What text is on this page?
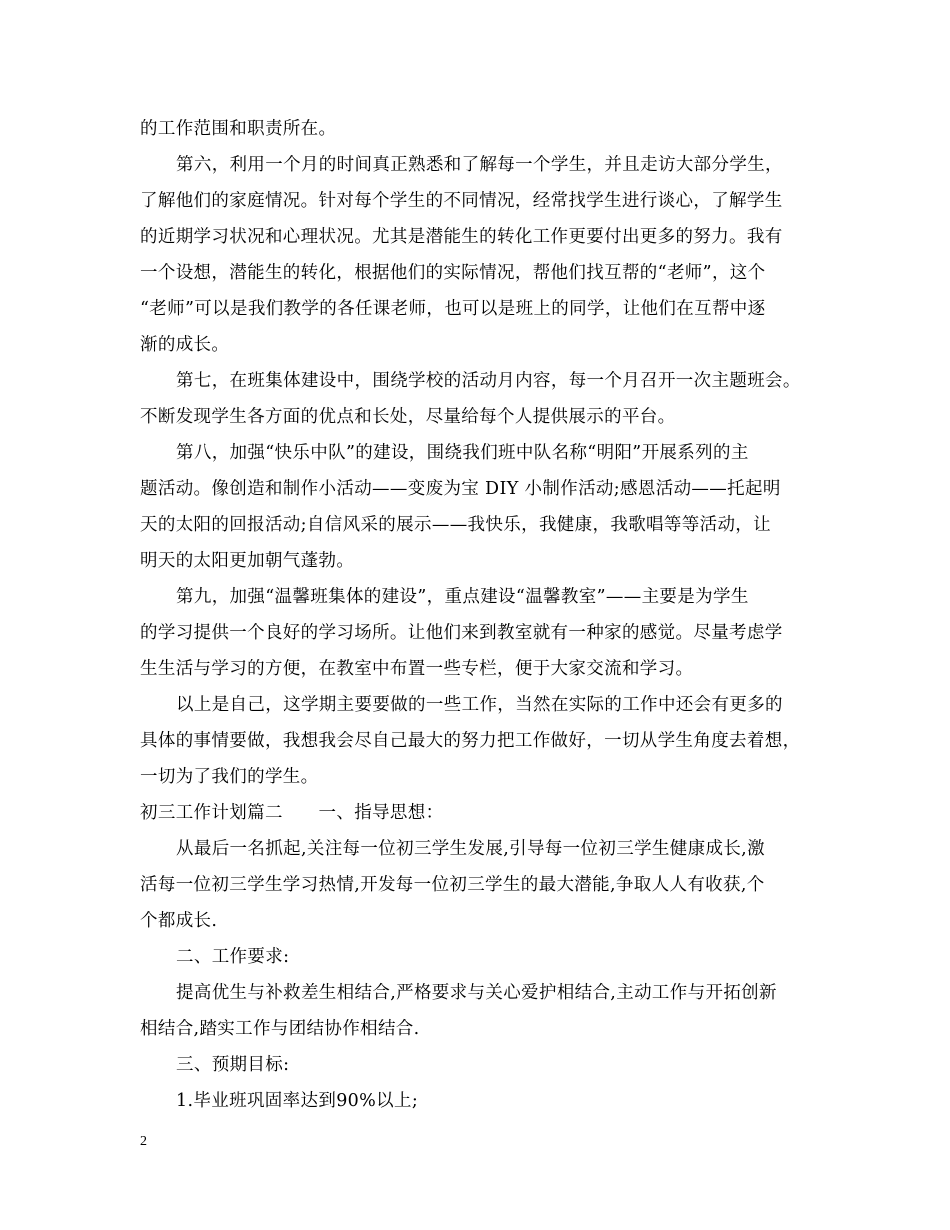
的工作范围和职责所在。
第六，利用一个月的时间真正熟悉和了解每一个学生，并且走访大部分学生，
了解他们的家庭情况。针对每个学生的不同情况，经常找学生进行谈心，了解学生
的近期学习状况和心理状况。尤其是潜能生的转化工作更要付出更多的努力。我有
一个设想，潜能生的转化，根据他们的实际情况，帮他们找互帮的“老师”，这个
“老师”可以是我们教学的各任课老师，也可以是班上的同学，让他们在互帮中逐
渐的成长。
第七，在班集体建设中，围绕学校的活动月内容，每一个月召开一次主题班会。
不断发现学生各方面的优点和长处，尽量给每个人提供展示的平台。
第八，加强“快乐中队”的建设，围绕我们班中队名称“明阳”开展系列的主
题活动。像创造和制作小活动——变废为宝 DIY 小制作活动;感恩活动——托起明
天的太阳的回报活动;自信风采的展示——我快乐，我健康，我歌唱等等活动，让
明天的太阳更加朝气蓬勃。
第九，加强“温馨班集体的建设”，重点建设“温馨教室”——主要是为学生
的学习提供一个良好的学习场所。让他们来到教室就有一种家的感觉。尽量考虑学
生生活与学习的方便，在教室中布置一些专栏，便于大家交流和学习。
以上是自己，这学期主要要做的一些工作，当然在实际的工作中还会有更多的
具体的事情要做，我想我会尽自己最大的努力把工作做好，一切从学生角度去着想，
一切为了我们的学生。
初三工作计划篇二　　一、指导思想：
从最后一名抓起,关注每一位初三学生发展,引导每一位初三学生健康成长,激
活每一位初三学生学习热情,开发每一位初三学生的最大潜能,争取人人有收获,个
个都成长.
二、工作要求:
提高优生与补救差生相结合,严格要求与关心爱护相结合,主动工作与开拓创新
相结合,踏实工作与团结协作相结合.
三、预期目标:
1.毕业班巩固率达到90%以上;
2
